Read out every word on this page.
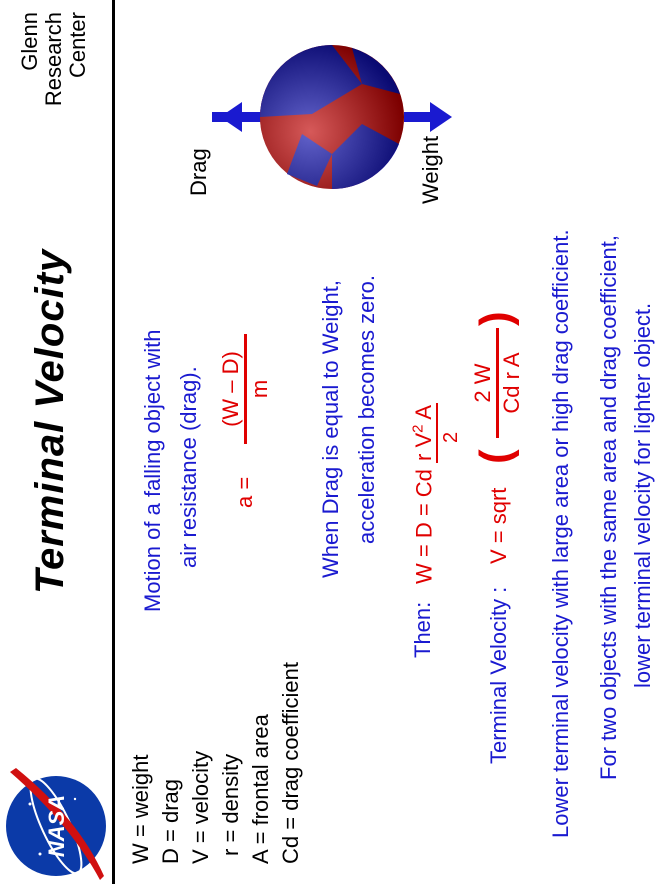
NASA
Terminal Velocity
Glenn Research Center
Drag	Weight
Motion of a falling object with air resistance (drag). a =
(W – D) m When Drag is equal to Weight, acceleration becomes zero.
Then:
W = D = Cd r $V^2$ A
2
Terminal Velocity :
V = sqrt
(
2 W Cd r A
)
W = weight
D = drag
V = velocity
r = density
A = frontal area
Cd = drag coefficient	Lower terminal velocity with large area or high drag coefficient. For two objects with the same area and drag coefficient, lower terminal velocity for lighter object.
